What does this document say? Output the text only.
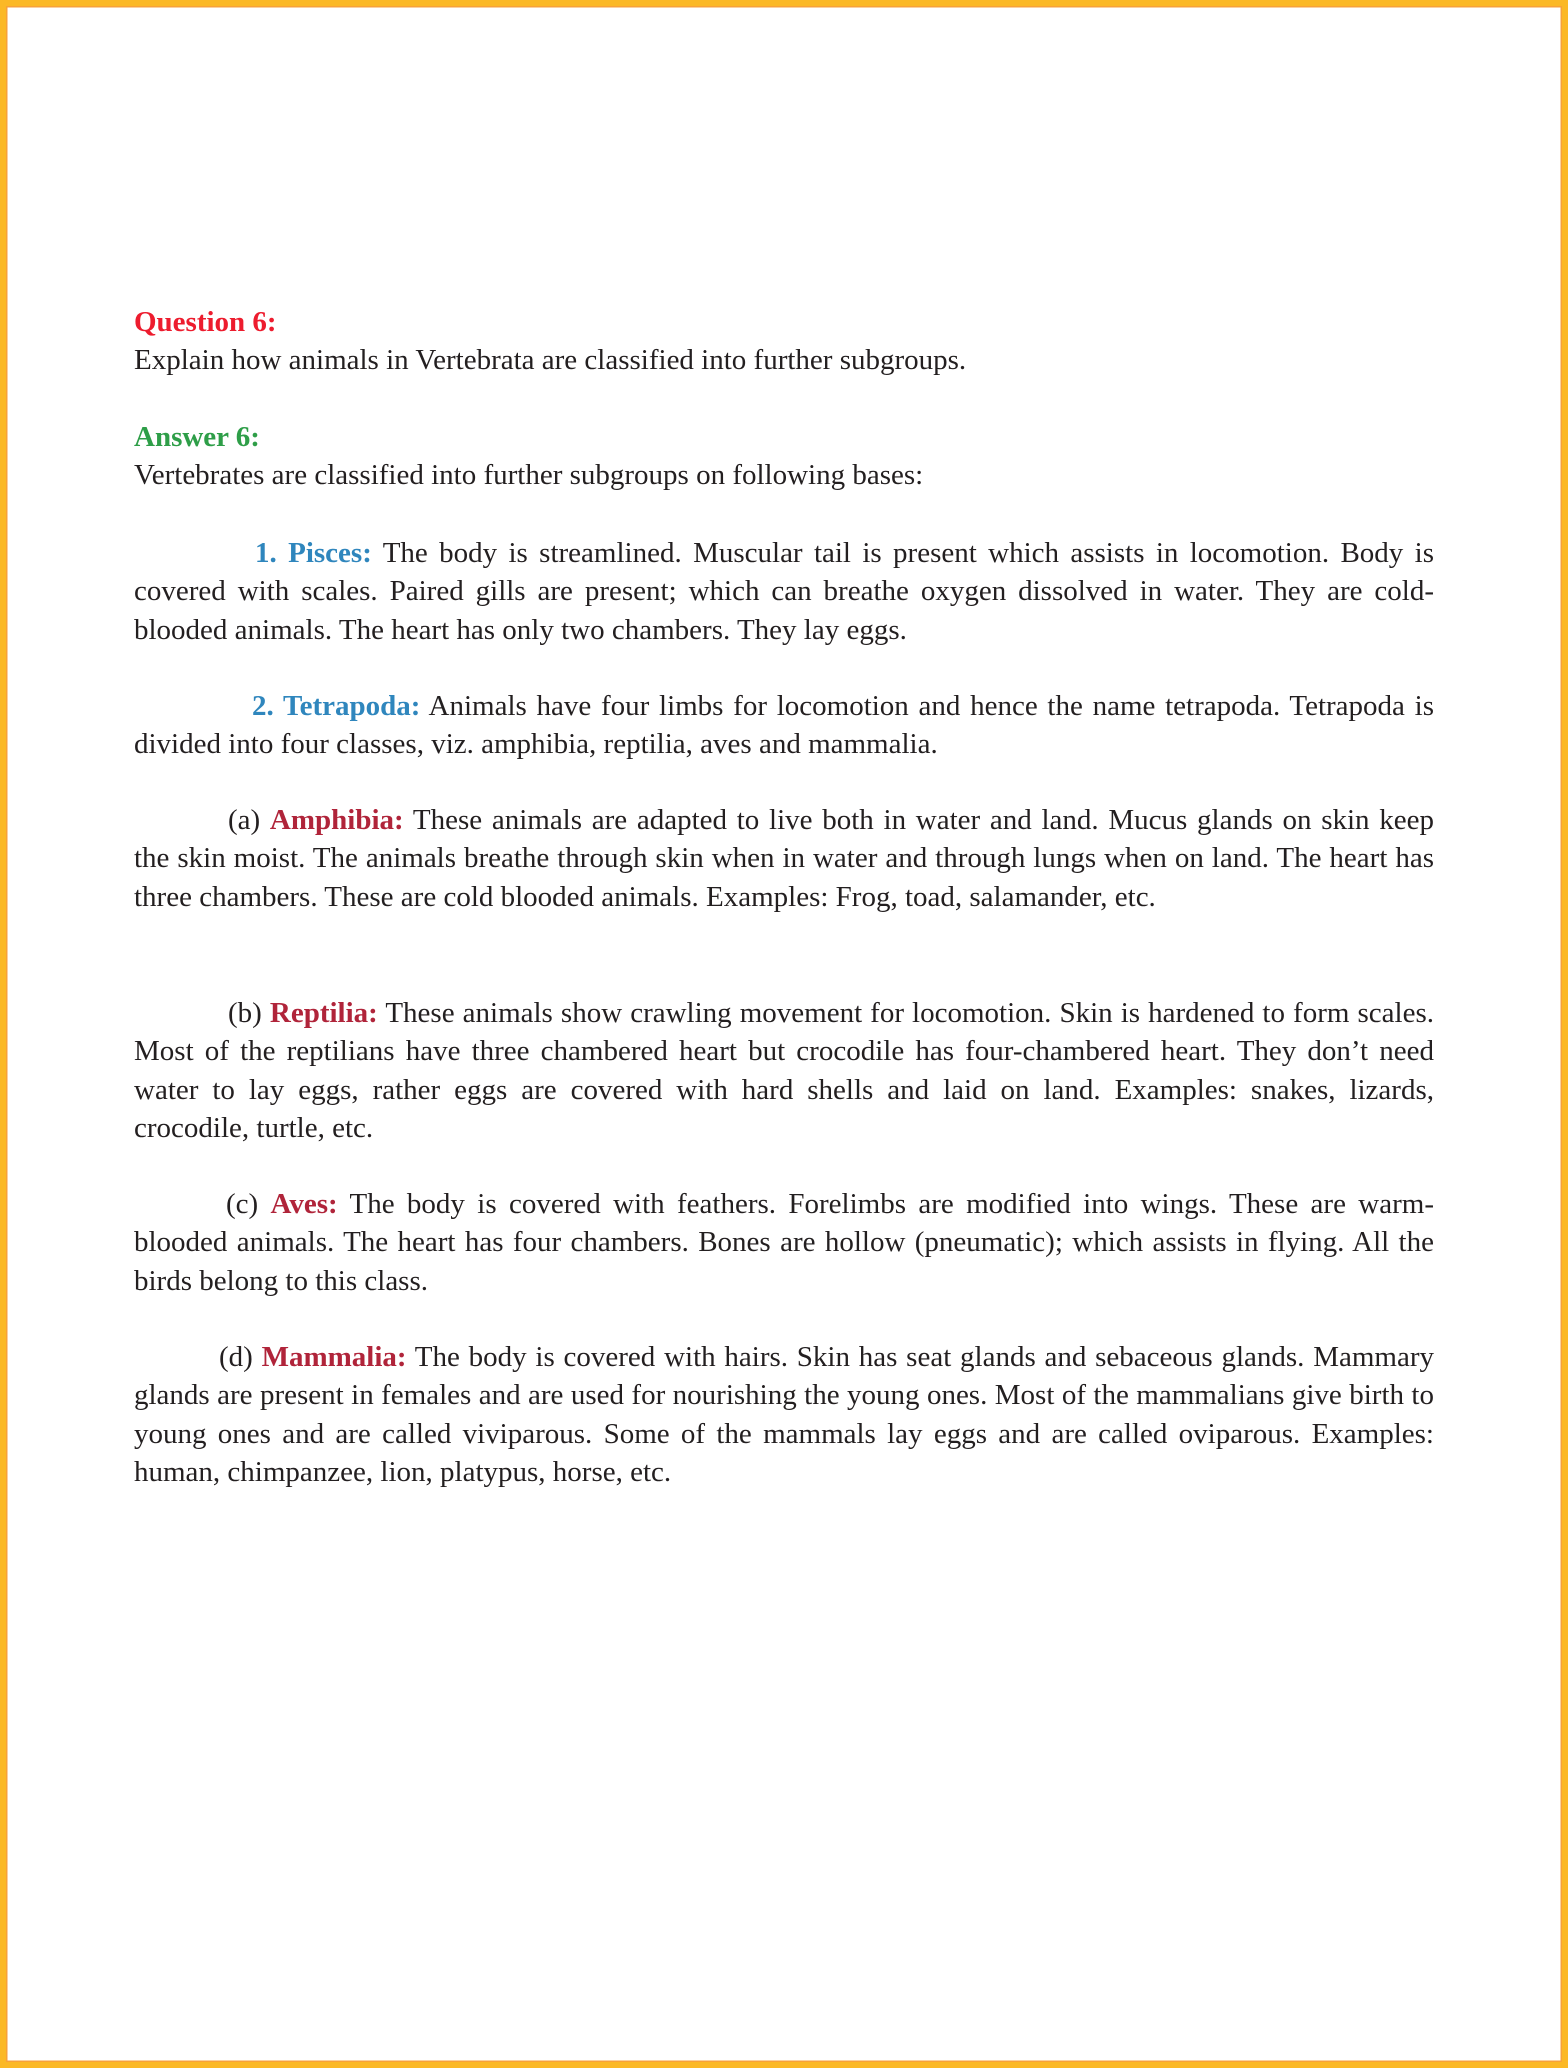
Question 6:
Explain how animals in Vertebrata are classified into further subgroups.
Answer 6:
Vertebrates are classified into further subgroups on following bases:

1. Pisces: The body is streamlined. Muscular tail is present which assists in locomotion. Body is covered with scales. Paired gills are present; which can breathe oxygen dissolved in water. They are cold-blooded animals. The heart has only two chambers. They lay eggs.

2. Tetrapoda: Animals have four limbs for locomotion and hence the name tetrapoda. Tetrapoda is divided into four classes, viz. amphibia, reptilia, aves and mammalia.

(a) Amphibia: These animals are adapted to live both in water and land. Mucus glands on skin keep the skin moist. The animals breathe through skin when in water and through lungs when on land. The heart has three chambers. These are cold blooded animals. Examples: Frog, toad, salamander, etc.

(b) Reptilia: These animals show crawling movement for locomotion. Skin is hardened to form scales. Most of the reptilians have three chambered heart but crocodile has four-chambered heart. They don’t need water to lay eggs, rather eggs are covered with hard shells and laid on land. Examples: snakes, lizards, crocodile, turtle, etc.

(c) Aves: The body is covered with feathers. Forelimbs are modified into wings. These are warm-blooded animals. The heart has four chambers. Bones are hollow (pneumatic); which assists in flying. All the birds belong to this class.

(d) Mammalia: The body is covered with hairs. Skin has seat glands and sebaceous glands. Mammary glands are present in females and are used for nourishing the young ones. Most of the mammalians give birth to young ones and are called viviparous. Some of the mammals lay eggs and are called oviparous. Examples: human, chimpanzee, lion, platypus, horse, etc.
